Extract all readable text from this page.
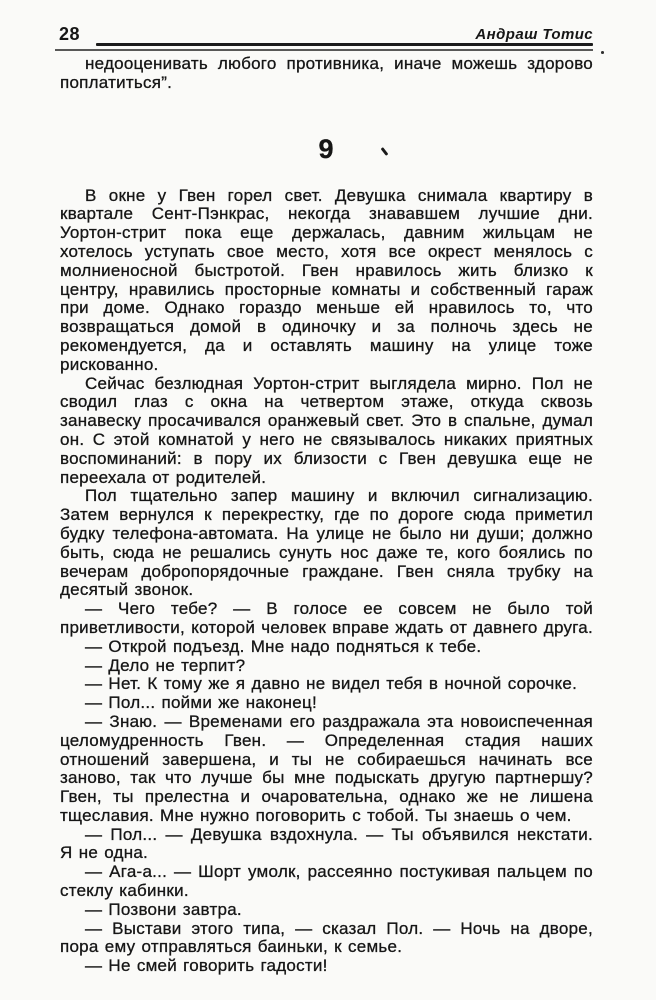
28	Андраш Тотис

недооценивать любого противника, иначе можешь здорово поплатиться”.

9

В окне у Гвен горел свет. Девушка снимала квартиру в квартале Сент-Пэнкрас, некогда знававшем лучшие дни. Уортон-стрит пока еще держалась, давним жильцам не хотелось уступать свое место, хотя все окрест менялось с молниеносной быстротой. Гвен нравилось жить близко к центру, нравились просторные комнаты и собственный гараж при доме. Однако гораздо меньше ей нравилось то, что возвращаться домой в одиночку и за полночь здесь не рекомендуется, да и оставлять машину на улице тоже рискованно.

Сейчас безлюдная Уортон-стрит выглядела мирно. Пол не сводил глаз с окна на четвертом этаже, откуда сквозь занавеску просачивался оранжевый свет. Это в спальне, думал он. С этой комнатой у него не связывалось никаких приятных воспоминаний: в пору их близости с Гвен девушка еще не переехала от родителей.

Пол тщательно запер машину и включил сигнализацию. Затем вернулся к перекрестку, где по дороге сюда приметил будку телефона-автомата. На улице не было ни души; должно быть, сюда не решались сунуть нос даже те, кого боялись по вечерам добропорядочные граждане. Гвен сняла трубку на десятый звонок.

— Чего тебе? — В голосе ее совсем не было той приветливости, которой человек вправе ждать от давнего друга.

— Открой подъезд. Мне надо подняться к тебе.

— Дело не терпит?

— Нет. К тому же я давно не видел тебя в ночной сорочке.

— Пол... пойми же наконец!

— Знаю. — Временами его раздражала эта новоиспеченная целомудренность Гвен. — Определенная стадия наших отношений завершена, и ты не собираешься начинать все заново, так что лучше бы мне подыскать другую партнершу? Гвен, ты прелестна и очаровательна, однако же не лишена тщеславия. Мне нужно поговорить с тобой. Ты знаешь о чем.

— Пол... — Девушка вздохнула. — Ты объявился некстати. Я не одна.

— Ага-а... — Шорт умолк, рассеянно постукивая пальцем по стеклу кабинки.

— Позвони завтра.

— Выстави этого типа, — сказал Пол. — Ночь на дворе, пора ему отправляться баиньки, к семье.

— Не смей говорить гадости!
